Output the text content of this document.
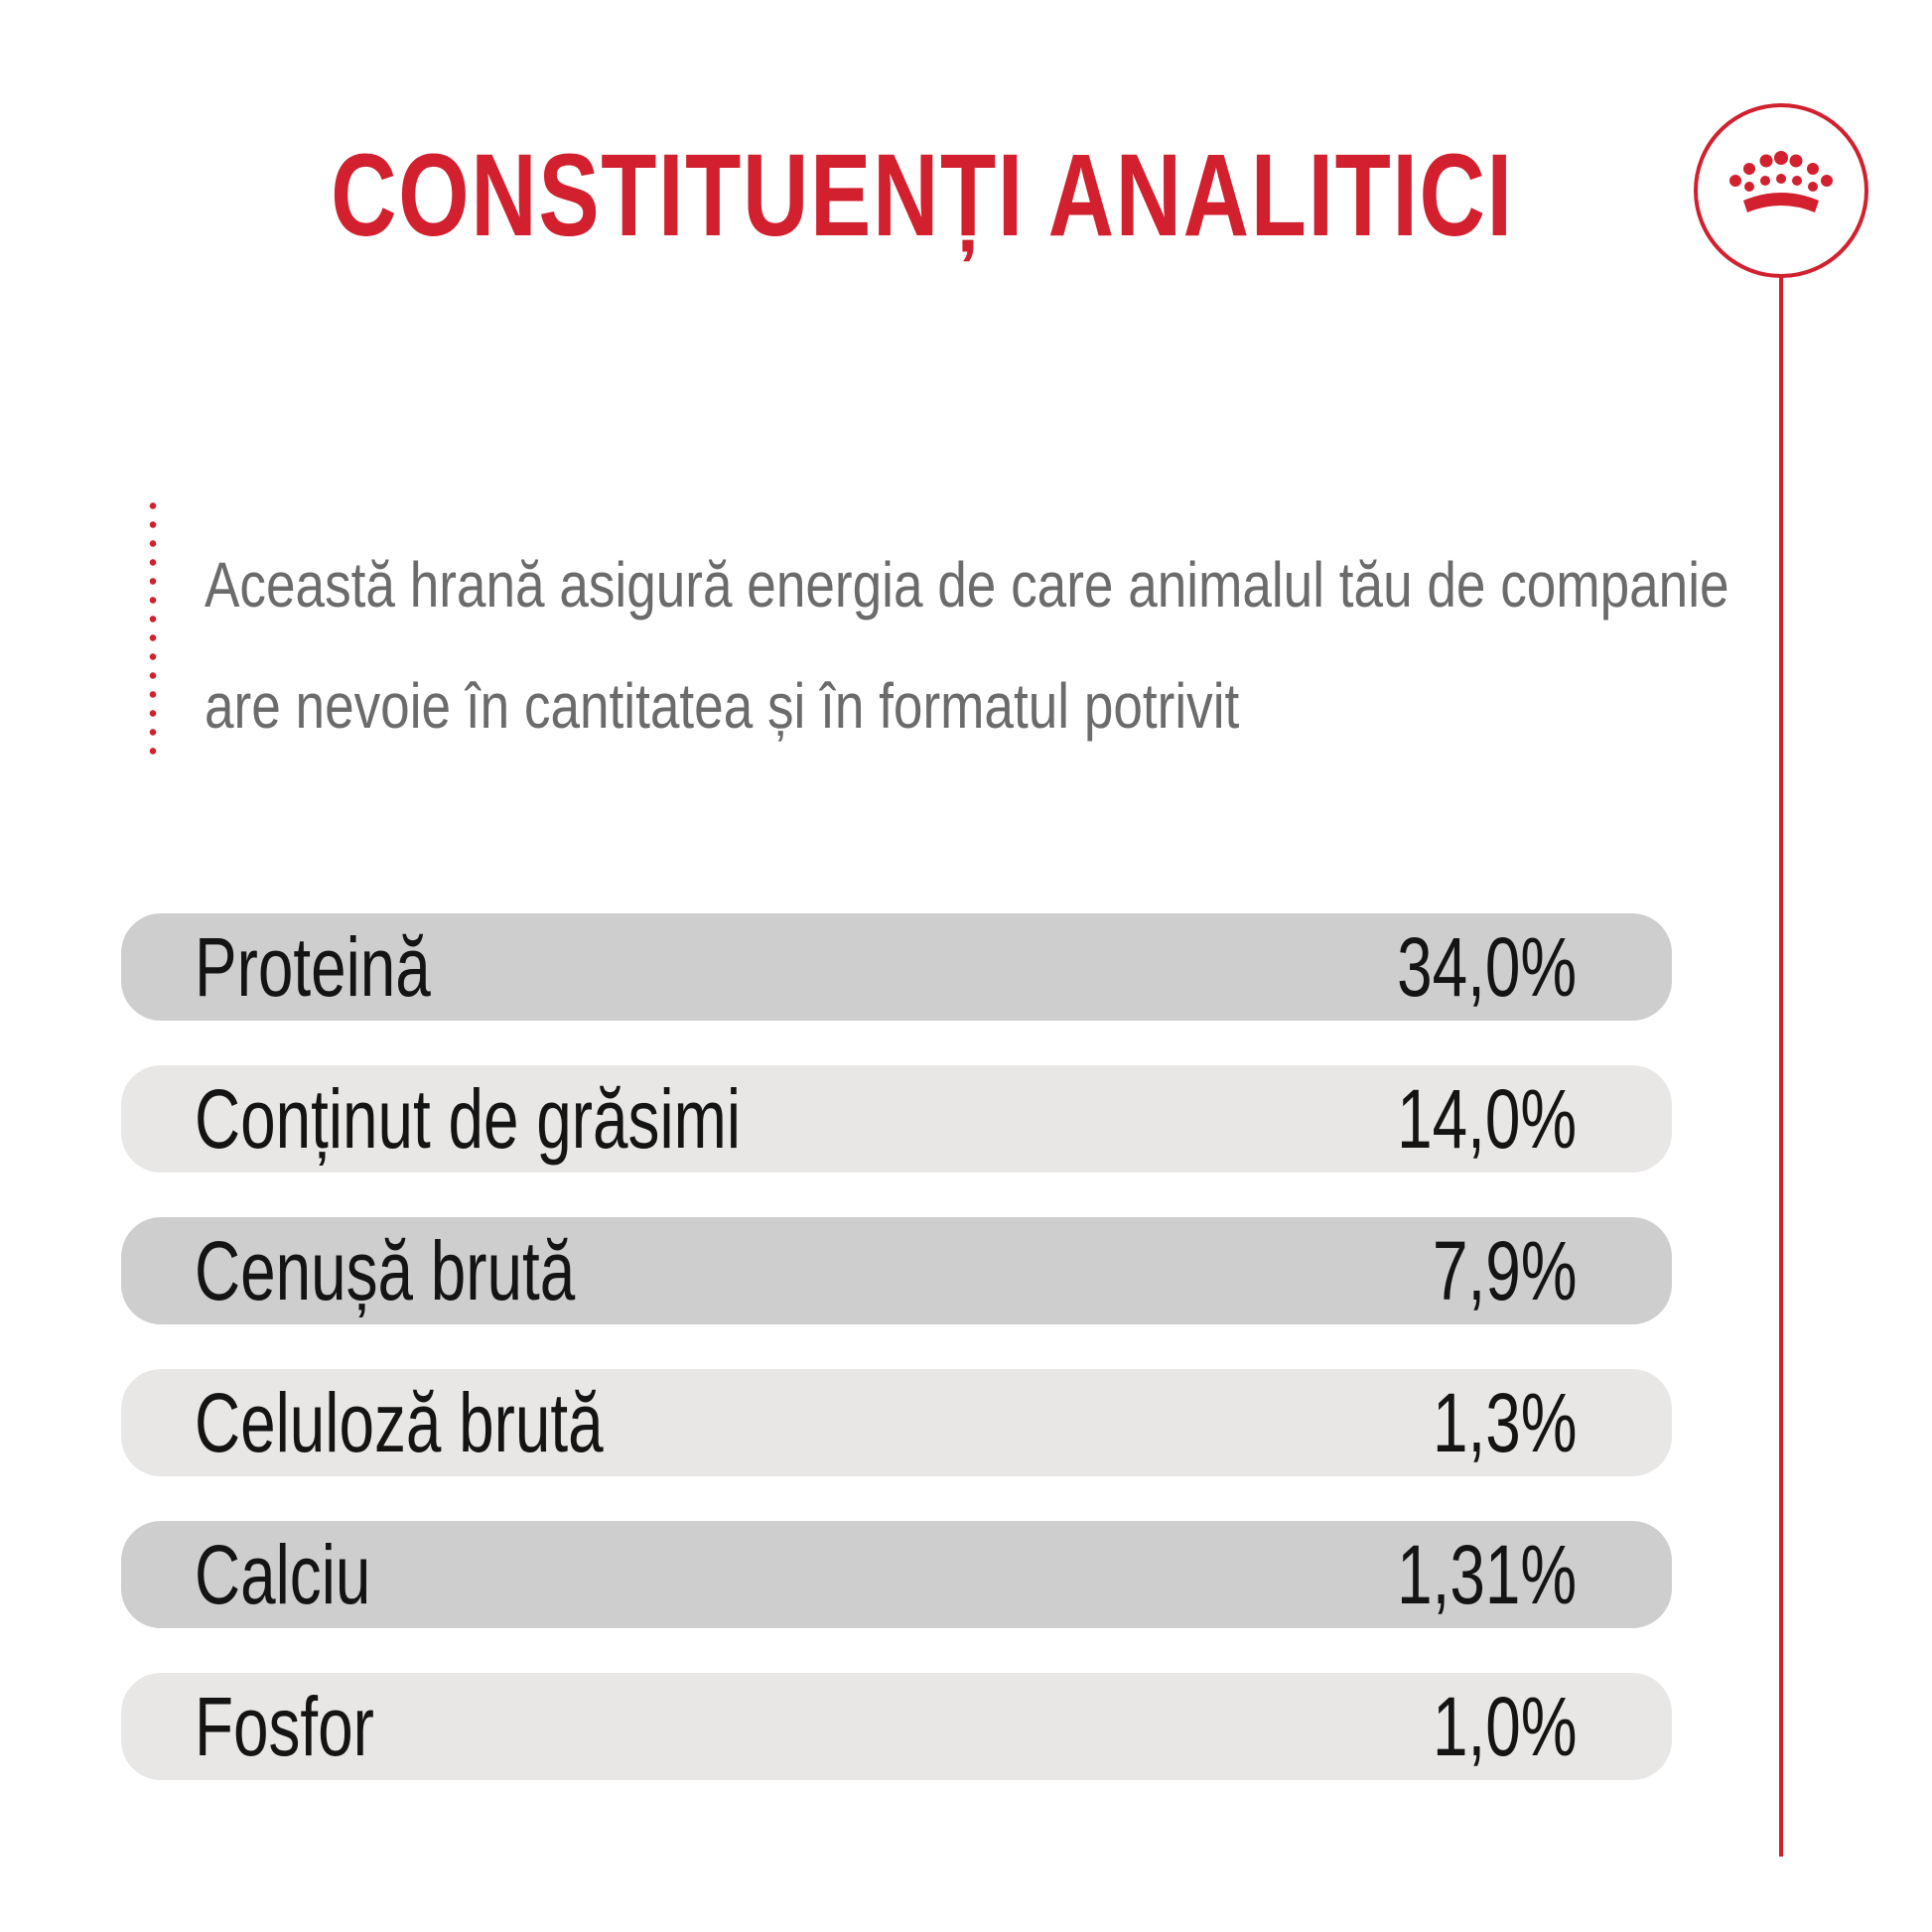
CONSTITUENȚI ANALITICI
Această hrană asigură energia de care animalul tău de companie
are nevoie în cantitatea și în formatul potrivit
Proteină	34,0%
Conținut de grăsimi	14,0%
Cenușă brută	7,9%
Celuloză brută	1,3%
Calciu	1,31%
Fosfor	1,0%
